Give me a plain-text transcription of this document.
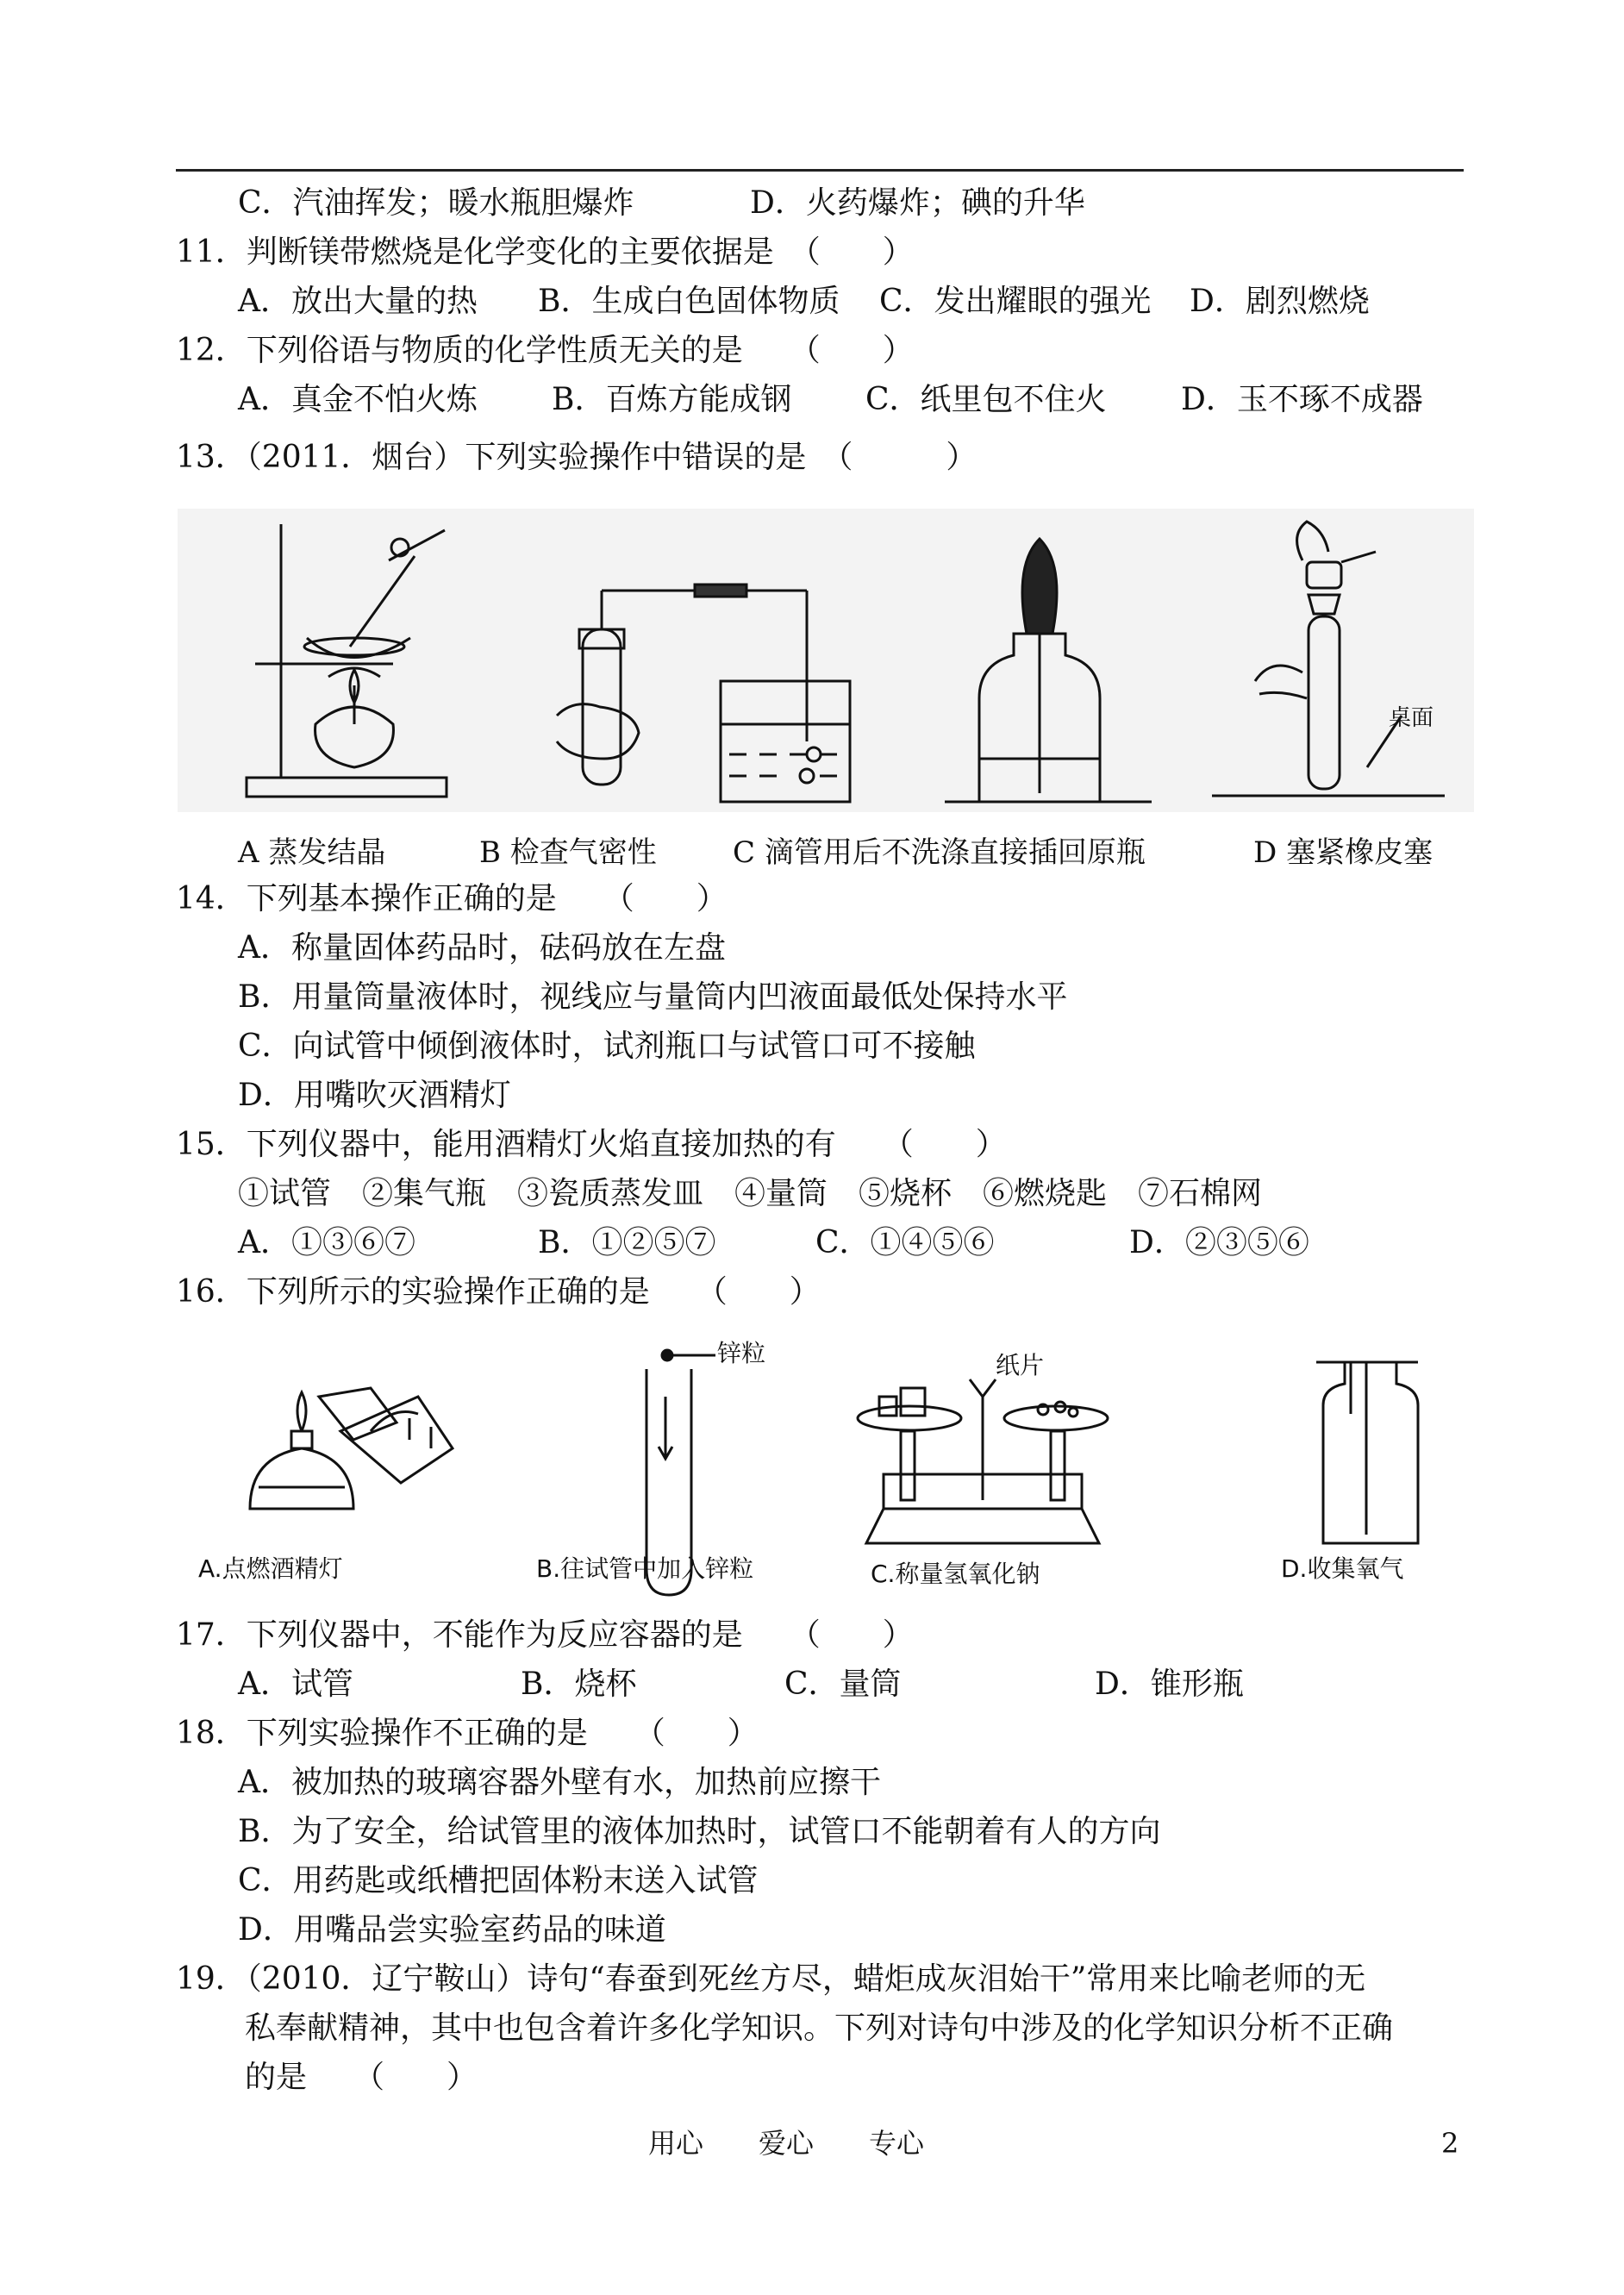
C．汽油挥发；暖水瓶胆爆炸	D．火药爆炸；碘的升华
11．判断镁带燃烧是化学变化的主要依据是　（　　）
A．放出大量的热 B．生成白色固体物质 C．发出耀眼的强光 D．剧烈燃烧
12．下列俗语与物质的化学性质无关的是　　（　　）
A．真金不怕火炼 B．百炼方能成钢 C．纸里包不住火 D．玉不琢不成器
13．（2011．烟台）下列实验操作中错误的是　（　　　）
桌面
A 蒸发结晶	B 检查气密性	C 滴管用后不洗涤直接插回原瓶	D 塞紧橡皮塞
14．下列基本操作正确的是　　（　　）
A．称量固体药品时，砝码放在左盘
B．用量筒量液体时，视线应与量筒内凹液面最低处保持水平
C．向试管中倾倒液体时，试剂瓶口与试管口可不接触
D．用嘴吹灭酒精灯
15．下列仪器中，能用酒精灯火焰直接加热的有　　（　　）
①试管　②集气瓶　③瓷质蒸发皿　④量筒　⑤烧杯　⑥燃烧匙　⑦石棉网
A．①③⑥⑦	B．①②⑤⑦	C．①④⑤⑥	D．②③⑤⑥
16．下列所示的实验操作正确的是　　（　　）
A.点燃酒精灯
锌粒
B.往试管中加入锌粒
纸片
C.称量氢氧化钠	D.收集氧气
17．下列仪器中，不能作为反应容器的是　　（　　）
A．试管	B．烧杯	C．量筒	D．锥形瓶
18．下列实验操作不正确的是　　（　　）
A．被加热的玻璃容器外壁有水，加热前应擦干
B．为了安全，给试管里的液体加热时，试管口不能朝着有人的方向
C．用药匙或纸槽把固体粉末送入试管
D．用嘴品尝实验室药品的味道
19．（2010．辽宁鞍山）诗句“春蚕到死丝方尽，蜡炬成灰泪始干”常用来比喻老师的无
私奉献精神，其中也包含着许多化学知识。下列对诗句中涉及的化学知识分析不正确
的是　　（　　）
用心　　爱心　　专心	2
